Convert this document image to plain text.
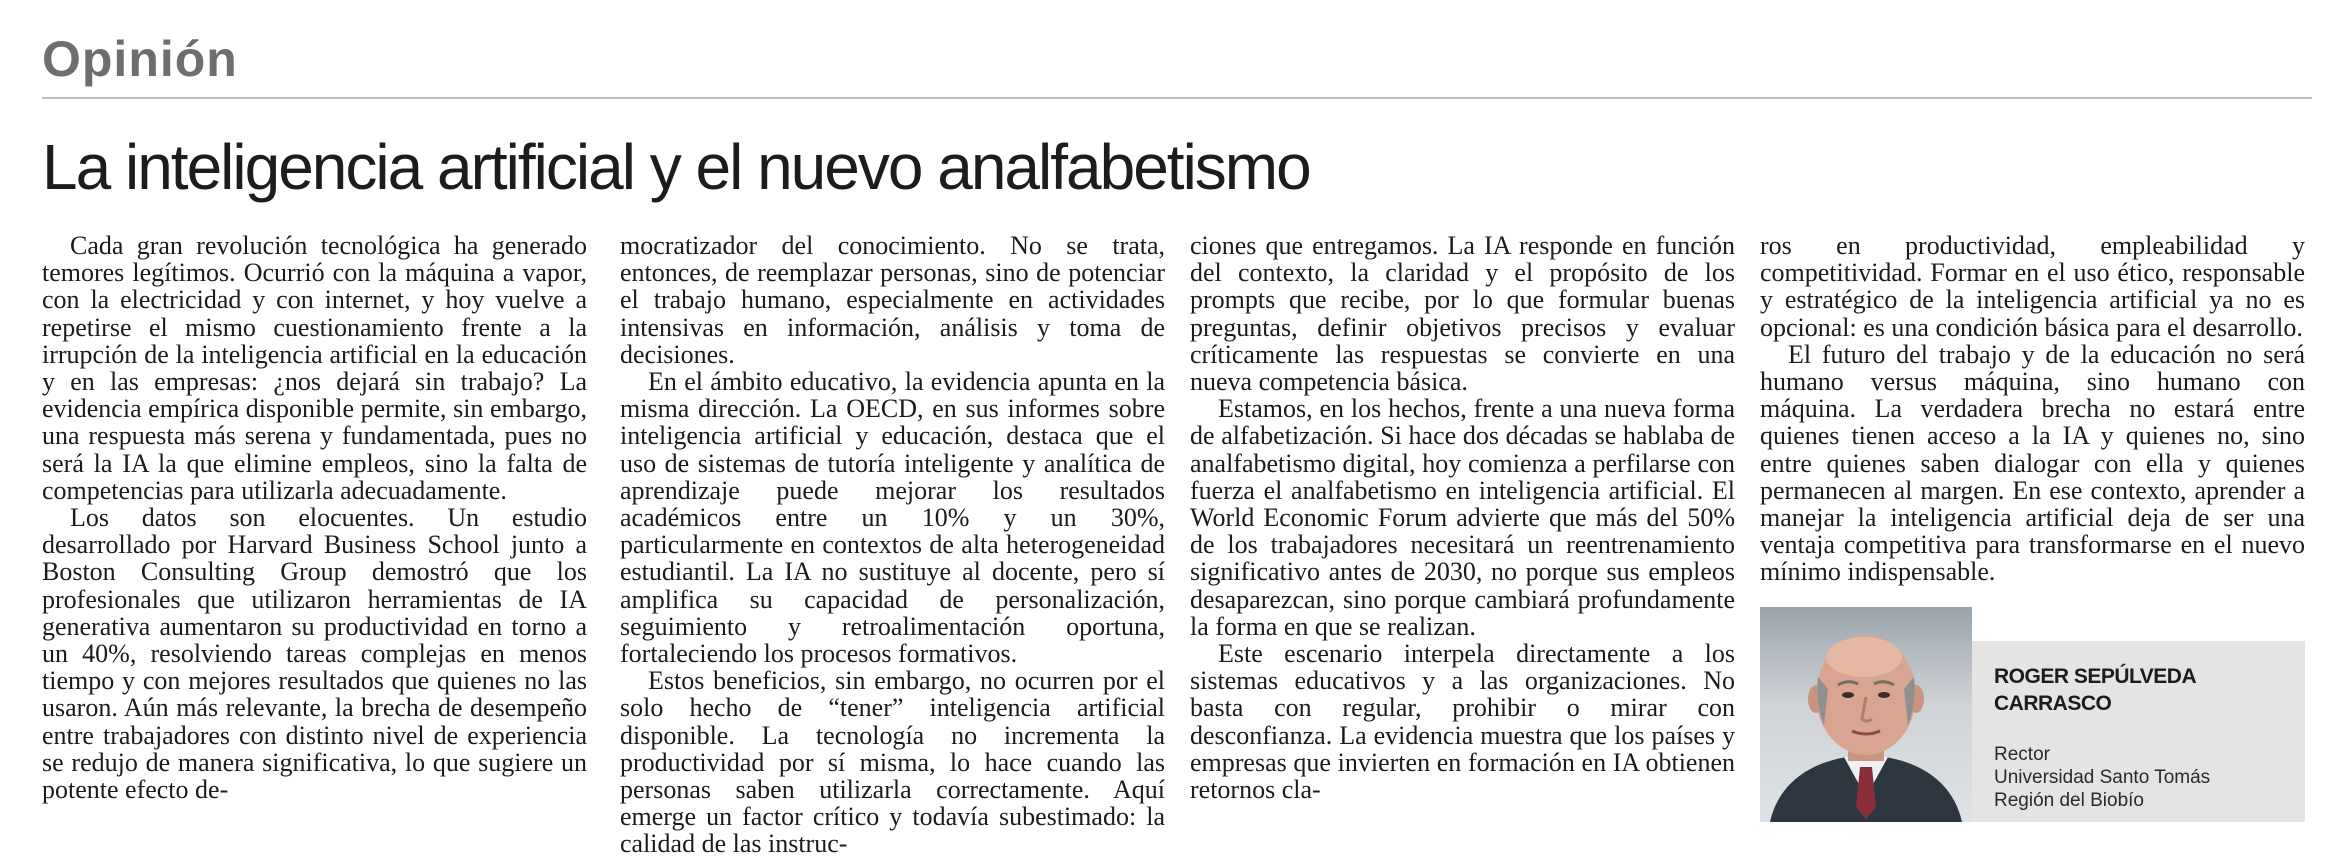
Opinión
La inteligencia artificial y el nuevo analfabetismo

Cada gran revolución tecnológica ha generado temores legítimos. Ocurrió con la máquina a vapor, con la electricidad y con internet, y hoy vuelve a repetirse el mismo cuestionamiento frente a la irrupción de la inteligencia artificial en la educación y en las empresas: ¿nos dejará sin trabajo? La evidencia empírica disponible permite, sin embargo, una respuesta más serena y fundamentada, pues no será la IA la que elimine empleos, sino la falta de competencias para utilizarla adecuadamente.

Los datos son elocuentes. Un estudio desarrollado por Harvard Business School junto a Boston Consulting Group demostró que los profesionales que utilizaron herramientas de IA generativa aumentaron su productividad en torno a un 40%, resolviendo tareas complejas en menos tiempo y con mejores resultados que quienes no las usaron. Aún más relevante, la brecha de desempeño entre trabajadores con distinto nivel de experiencia se redujo de manera significativa, lo que sugiere un potente efecto de-

mocratizador del conocimiento. No se trata, entonces, de reemplazar personas, sino de potenciar el trabajo humano, especialmente en actividades intensivas en información, análisis y toma de decisiones.

En el ámbito educativo, la evidencia apunta en la misma dirección. La OECD, en sus informes sobre inteligencia artificial y educación, destaca que el uso de sistemas de tutoría inteligente y analítica de aprendizaje puede mejorar los resultados académicos entre un 10% y un 30%, particularmente en contextos de alta heterogeneidad estudiantil. La IA no sustituye al docente, pero sí amplifica su capacidad de personalización, seguimiento y retroalimentación oportuna, fortaleciendo los procesos formativos.

Estos beneficios, sin embargo, no ocurren por el solo hecho de “tener” inteligencia artificial disponible. La tecnología no incrementa la productividad por sí misma, lo hace cuando las personas saben utilizarla correctamente. Aquí emerge un factor crítico y todavía subestimado: la calidad de las instruc-

ciones que entregamos. La IA responde en función del contexto, la claridad y el propósito de los prompts que recibe, por lo que formular buenas preguntas, definir objetivos precisos y evaluar críticamente las respuestas se convierte en una nueva competencia básica.

Estamos, en los hechos, frente a una nueva forma de alfabetización. Si hace dos décadas se hablaba de analfabetismo digital, hoy comienza a perfilarse con fuerza el analfabetismo en inteligencia artificial. El World Economic Forum advierte que más del 50% de los trabajadores necesitará un reentrenamiento significativo antes de 2030, no porque sus empleos desaparezcan, sino porque cambiará profundamente la forma en que se realizan.

Este escenario interpela directamente a los sistemas educativos y a las organizaciones. No basta con regular, prohibir o mirar con desconfianza. La evidencia muestra que los países y empresas que invierten en formación en IA obtienen retornos cla-

ros en productividad, empleabilidad y competitividad. Formar en el uso ético, responsable y estratégico de la inteligencia artificial ya no es opcional: es una condición básica para el desarrollo.

El futuro del trabajo y de la educación no será humano versus máquina, sino humano con máquina. La verdadera brecha no estará entre quienes tienen acceso a la IA y quienes no, sino entre quienes saben dialogar con ella y quienes permanecen al margen. En ese contexto, aprender a manejar la inteligencia artificial deja de ser una ventaja competitiva para transformarse en el nuevo mínimo indispensable.

ROGER SEPÚLVEDA CARRASCO
Rector
Universidad Santo Tomás
Región del Biobío
